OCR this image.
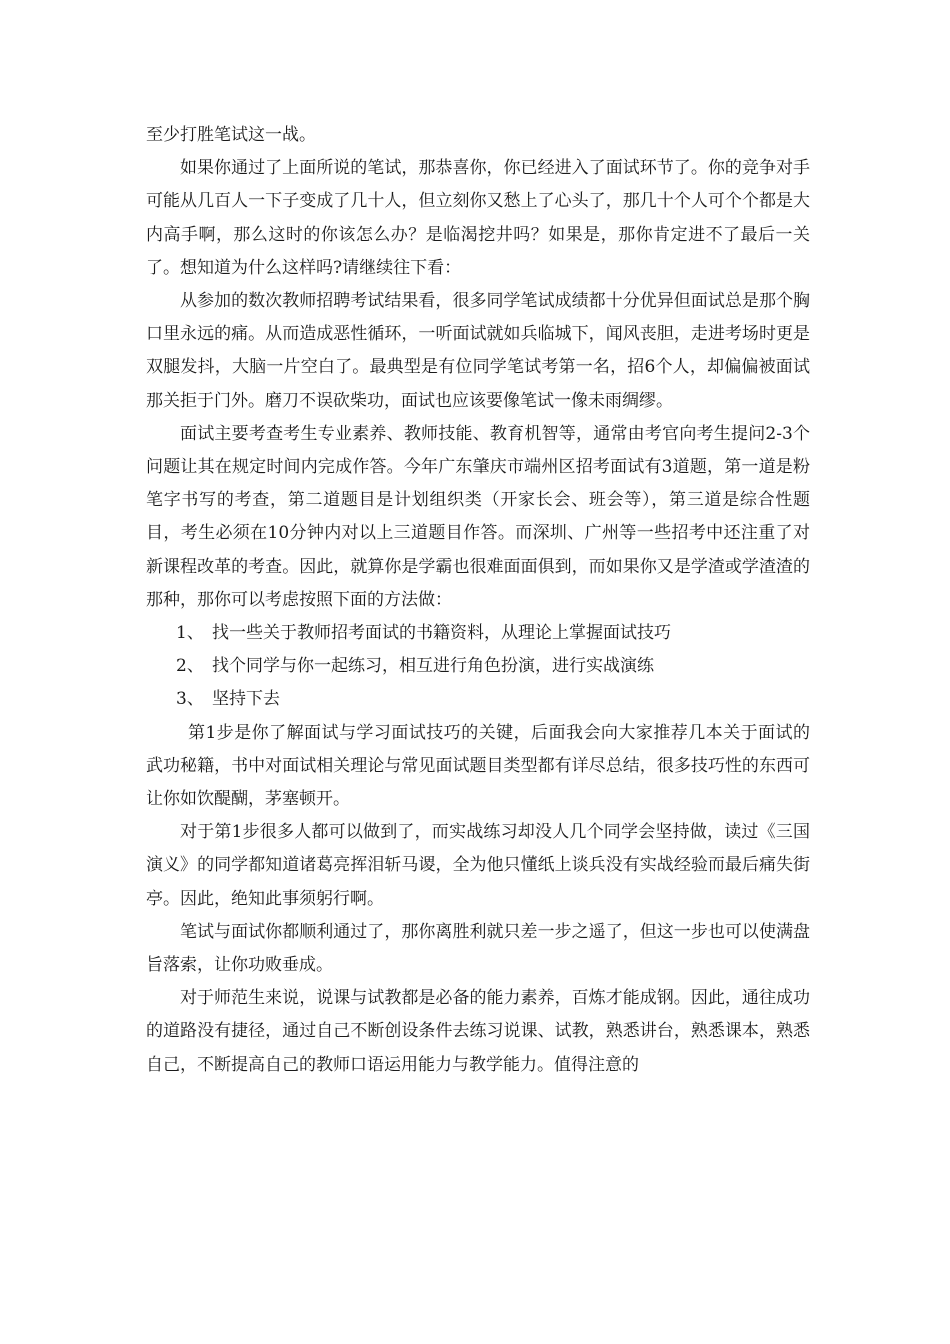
至少打胜笔试这一战。

如果你通过了上面所说的笔试，那恭喜你，你已经进入了面试环节了。你的竞争对手可能从几百人一下子变成了几十人，但立刻你又愁上了心头了，那几十个人可个个都是大内高手啊，那么这时的你该怎么办？是临渴挖井吗？如果是，那你肯定进不了最后一关了。想知道为什么这样吗?请继续往下看：

从参加的数次教师招聘考试结果看，很多同学笔试成绩都十分优异但面试总是那个胸口里永远的痛。从而造成恶性循环，一听面试就如兵临城下，闻风丧胆，走进考场时更是双腿发抖，大脑一片空白了。最典型是有位同学笔试考第一名，招6个人，却偏偏被面试那关拒于门外。磨刀不误砍柴功，面试也应该要像笔试一像未雨绸缪。

面试主要考查考生专业素养、教师技能、教育机智等，通常由考官向考生提问2-3个问题让其在规定时间内完成作答。今年广东肇庆市端州区招考面试有3道题，第一道是粉笔字书写的考查，第二道题目是计划组织类（开家长会、班会等），第三道是综合性题目，考生必须在10分钟内对以上三道题目作答。而深圳、广州等一些招考中还注重了对新课程改革的考查。因此，就算你是学霸也很难面面俱到，而如果你又是学渣或学渣渣的那种，那你可以考虑按照下面的方法做：

1、 找一些关于教师招考面试的书籍资料，从理论上掌握面试技巧
2、 找个同学与你一起练习，相互进行角色扮演，进行实战演练
3、 坚持下去

第1步是你了解面试与学习面试技巧的关键，后面我会向大家推荐几本关于面试的武功秘籍，书中对面试相关理论与常见面试题目类型都有详尽总结，很多技巧性的东西可让你如饮醍醐，茅塞顿开。

对于第1步很多人都可以做到了，而实战练习却没人几个同学会坚持做，读过《三国演义》的同学都知道诸葛亮挥泪斩马谡，全为他只懂纸上谈兵没有实战经验而最后痛失街亭。因此，绝知此事须躬行啊。

笔试与面试你都顺利通过了，那你离胜利就只差一步之遥了，但这一步也可以使满盘旨落索，让你功败垂成。

对于师范生来说，说课与试教都是必备的能力素养，百炼才能成钢。因此，通往成功的道路没有捷径，通过自己不断创设条件去练习说课、试教，熟悉讲台，熟悉课本，熟悉自己，不断提高自己的教师口语运用能力与教学能力。值得注意的
